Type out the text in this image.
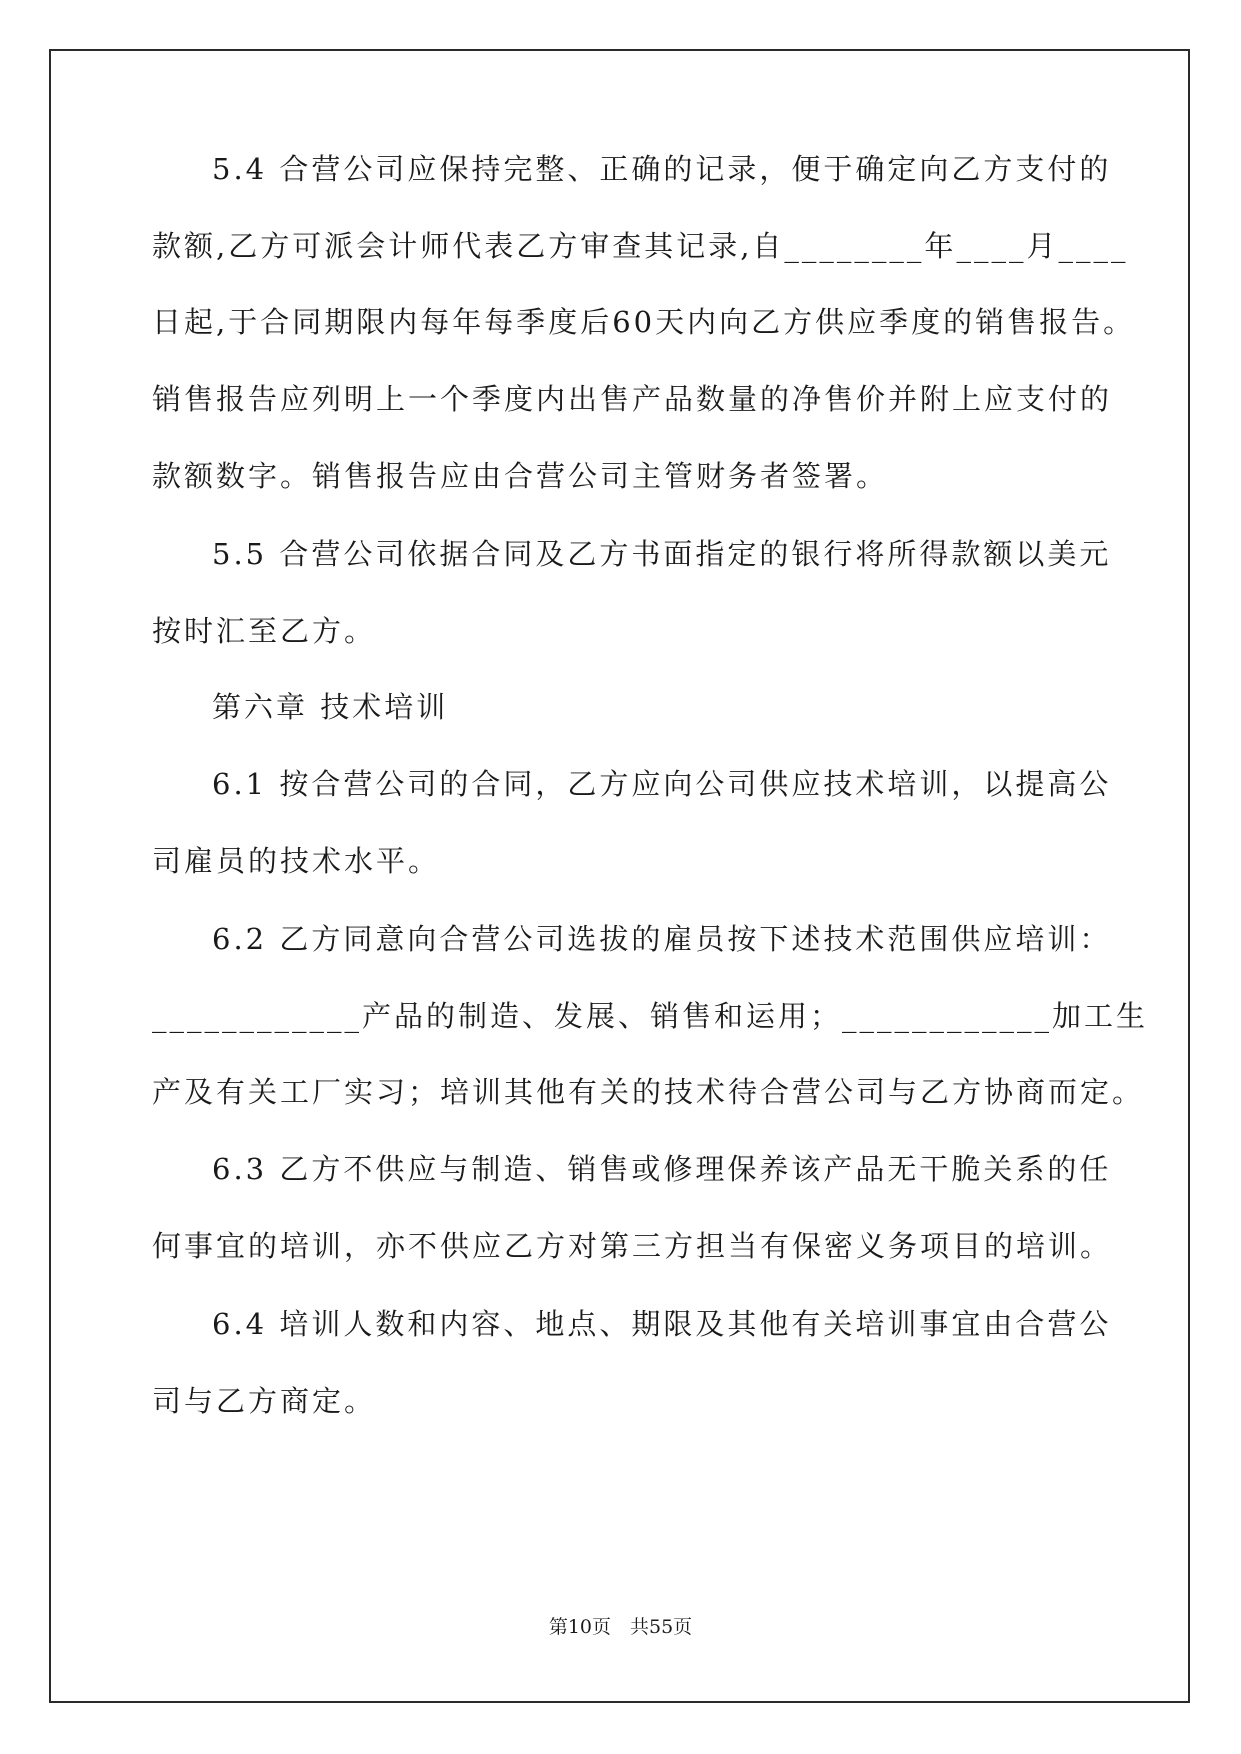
5.4 合营公司应保持完整、正确的记录，便于确定向乙方支付的
款额,乙方可派会计师代表乙方审查其记录,自________年____月____
日起,于合同期限内每年每季度后60天内向乙方供应季度的销售报告。
销售报告应列明上一个季度内出售产品数量的净售价并附上应支付的
款额数字。销售报告应由合营公司主管财务者签署。
5.5 合营公司依据合同及乙方书面指定的银行将所得款额以美元
按时汇至乙方。
第六章 技术培训
6.1 按合营公司的合同，乙方应向公司供应技术培训，以提高公
司雇员的技术水平。
6.2 乙方同意向合营公司选拔的雇员按下述技术范围供应培训：
____________产品的制造、发展、销售和运用；____________加工生
产及有关工厂实习；培训其他有关的技术待合营公司与乙方协商而定。
6.3 乙方不供应与制造、销售或修理保养该产品无干脆关系的任
何事宜的培训，亦不供应乙方对第三方担当有保密义务项目的培训。
6.4 培训人数和内容、地点、期限及其他有关培训事宜由合营公
司与乙方商定。
第10页　共55页
